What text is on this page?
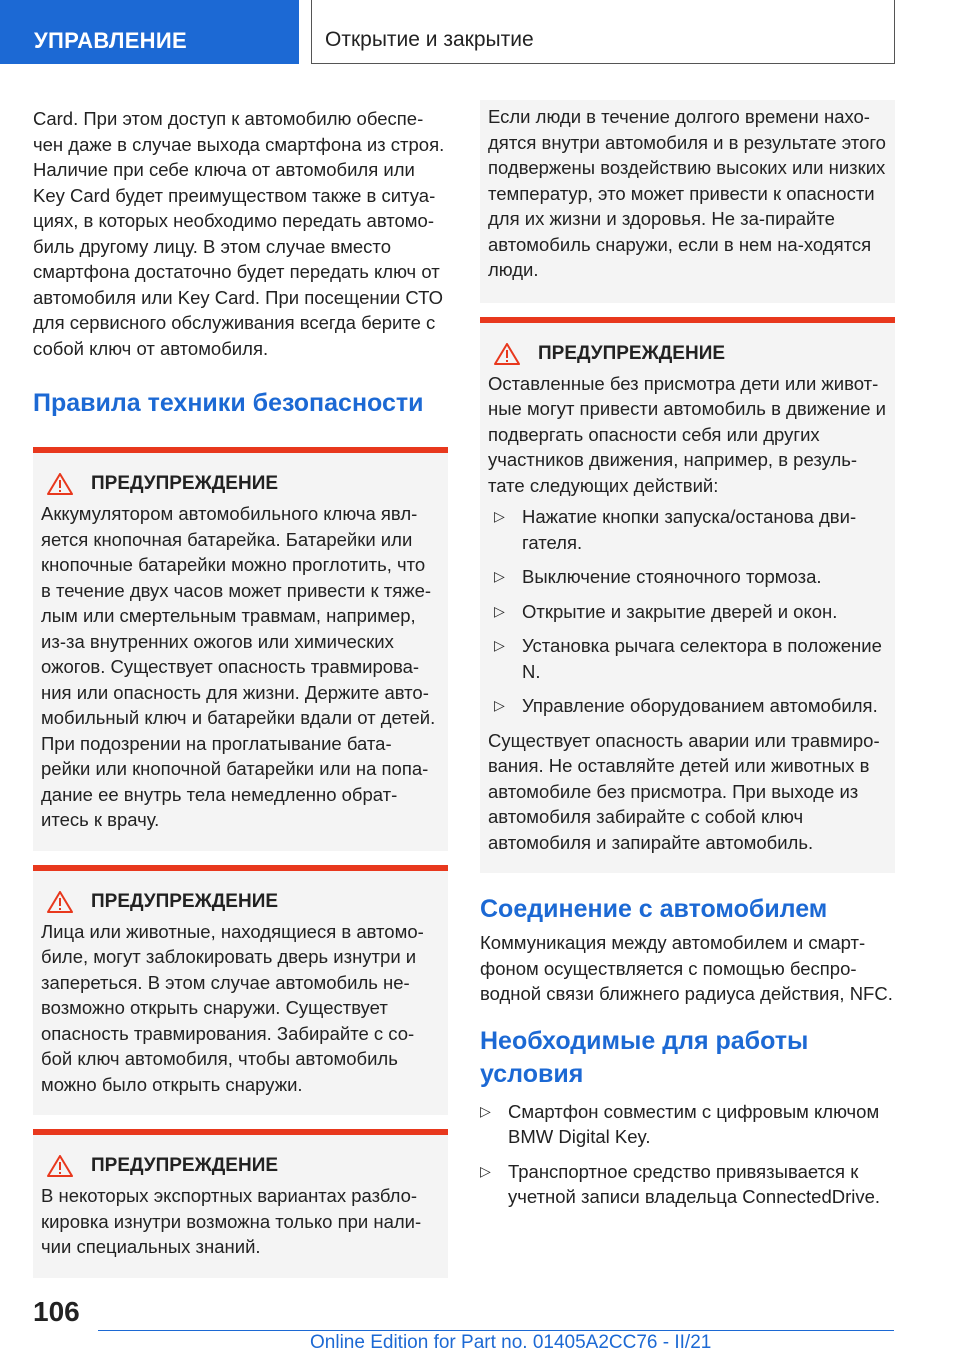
УПРАВЛЕНИЕ	Открытие и закрытие

Card. При этом доступ к автомобилю обеспе-чен даже в случае выхода смартфона из строя. Наличие при себе ключа от автомобиля или Key Card будет преимуществом также в ситуа-циях, в которых необходимо передать автомо-биль другому лицу. В этом случае вместо смартфона достаточно будет передать ключ от автомобиля или Key Card. При посещении СТО для сервисного обслуживания всегда берите с собой ключ от автомобиля.

Правила техники безопасности
ПРЕДУПРЕЖДЕНИЕ

Аккумулятором автомобильного ключа явл-яется кнопочная батарейка. Батарейки или кнопочные батарейки можно проглотить, что в течение двух часов может привести к тяже-лым или смертельным травмам, например, из-за внутренних ожогов или химических ожогов. Существует опасность травмирова-ния или опасность для жизни. Держите авто-мобильный ключ и батарейки вдали от детей. При подозрении на проглатывание бата-рейки или кнопочной батарейки или на попа-дание ее внутрь тела немедленно обрат-итесь к врачу.

ПРЕДУПРЕЖДЕНИЕ

Лица или животные, находящиеся в автомо-биле, могут заблокировать дверь изнутри и запереться. В этом случае автомобиль не-возможно открыть снаружи. Существует опасность травмирования. Забирайте с со-бой ключ автомобиля, чтобы автомобиль можно было открыть снаружи.

ПРЕДУПРЕЖДЕНИЕ

В некоторых экспортных вариантах разбло-кировка изнутри возможна только при нали-чии специальных знаний.

Если люди в течение долгого времени нахо-дятся внутри автомобиля и в результате этого подвержены воздействию высоких или низких температур, это может привести к опасности для их жизни и здоровья. Не за-пирайте автомобиль снаружи, если в нем на-ходятся люди.

ПРЕДУПРЕЖДЕНИЕ

Оставленные без присмотра дети или живот-ные могут привести автомобиль в движение и подвергать опасности себя или других участников движения, например, в резуль-тате следующих действий:

▷ Нажатие кнопки запуска/останова дви-гателя.
▷ Выключение стояночного тормоза.
▷ Открытие и закрытие дверей и окон.
▷ Установка рычага селектора в положение N.
▷ Управление оборудованием автомобиля.

Существует опасность аварии или травмиро-вания. Не оставляйте детей или животных в автомобиле без присмотра. При выходе из автомобиля забирайте с собой ключ автомобиля и запирайте автомобиль.

Соединение с автомобилем

Коммуникация между автомобилем и смарт-фоном осуществляется с помощью беспро-водной связи ближнего радиуса действия, NFC.

Необходимые для работы условия
▷ Смартфон совместим с цифровым ключом BMW Digital Key.
▷ Транспортное средство привязывается к учетной записи владельца ConnectedDrive.
106
Online Edition for Part no. 01405A2CC76 - II/21
